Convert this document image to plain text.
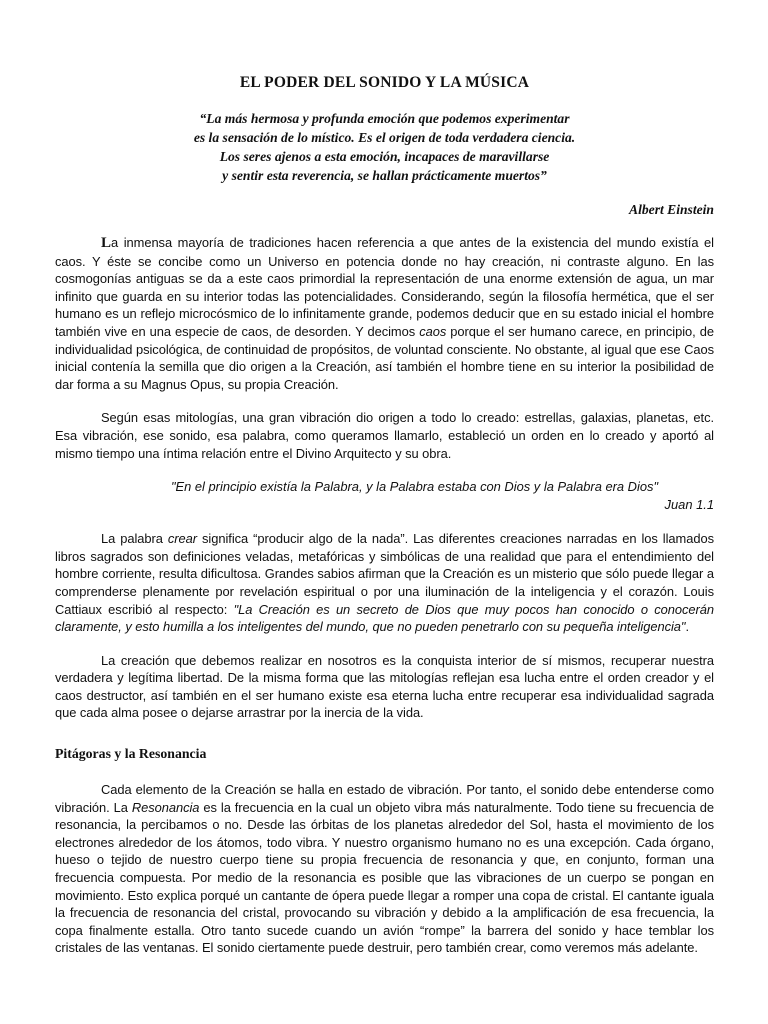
EL PODER DEL SONIDO Y LA MÚSICA

“La más hermosa y profunda emoción que podemos experimentar

es la sensación de lo místico. Es el origen de toda verdadera ciencia.

Los seres ajenos a esta emoción, incapaces de maravillarse

y sentir esta reverencia, se hallan prácticamente muertos”

Albert Einstein

La inmensa mayoría de tradiciones hacen referencia a que antes de la existencia del mundo existía el caos. Y éste se concibe como un Universo en potencia donde no hay creación, ni contraste alguno. En las cosmogonías antiguas se da a este caos primordial la representación de una enorme extensión de agua, un mar infinito que guarda en su interior todas las potencialidades. Considerando, según la filosofía hermética, que el ser humano es un reflejo microcósmico de lo infinitamente grande, podemos deducir que en su estado inicial el hombre también vive en una especie de caos, de desorden. Y decimos caos porque el ser humano carece, en principio, de individualidad psicológica, de continuidad de propósitos, de voluntad consciente. No obstante, al igual que ese Caos inicial contenía la semilla que dio origen a la Creación, así también el hombre tiene en su interior la posibilidad de dar forma a su Magnus Opus, su propia Creación.

Según esas mitologías, una gran vibración dio origen a todo lo creado: estrellas, galaxias, planetas, etc. Esa vibración, ese sonido, esa palabra, como queramos llamarlo, estableció un orden en lo creado y aportó al mismo tiempo una íntima relación entre el Divino Arquitecto y su obra.

"En el principio existía la Palabra, y la Palabra estaba con Dios y la Palabra era Dios"

Juan 1.1

La palabra crear significa “producir algo de la nada”. Las diferentes creaciones narradas en los llamados libros sagrados son definiciones veladas, metafóricas y simbólicas de una realidad que para el entendimiento del hombre corriente, resulta dificultosa. Grandes sabios afirman que la Creación es un misterio que sólo puede llegar a comprenderse plenamente por revelación espiritual o por una iluminación de la inteligencia y el corazón. Louis Cattiaux escribió al respecto: "La Creación es un secreto de Dios que muy pocos han conocido o conocerán claramente, y esto humilla a los inteligentes del mundo, que no pueden penetrarlo con su pequeña inteligencia".

La creación que debemos realizar en nosotros es la conquista interior de sí mismos, recuperar nuestra verdadera y legítima libertad. De la misma forma que las mitologías reflejan esa lucha entre el orden creador y el caos destructor, así también en el ser humano existe esa eterna lucha entre recuperar esa individualidad sagrada que cada alma posee o dejarse arrastrar por la inercia de la vida.

Pitágoras y la Resonancia

Cada elemento de la Creación se halla en estado de vibración. Por tanto, el sonido debe entenderse como vibración. La Resonancia es la frecuencia en la cual un objeto vibra más naturalmente. Todo tiene su frecuencia de resonancia, la percibamos o no. Desde las órbitas de los planetas alrededor del Sol, hasta el movimiento de los electrones alrededor de los átomos, todo vibra. Y nuestro organismo humano no es una excepción. Cada órgano, hueso o tejido de nuestro cuerpo tiene su propia frecuencia de resonancia y que, en conjunto, forman una frecuencia compuesta. Por medio de la resonancia es posible que las vibraciones de un cuerpo se pongan en movimiento. Esto explica porqué un cantante de ópera puede llegar a romper una copa de cristal. El cantante iguala la frecuencia de resonancia del cristal, provocando su vibración y debido a la amplificación de esa frecuencia, la copa finalmente estalla. Otro tanto sucede cuando un avión “rompe” la barrera del sonido y hace temblar los cristales de las ventanas. El sonido ciertamente puede destruir, pero también crear, como veremos más adelante.
